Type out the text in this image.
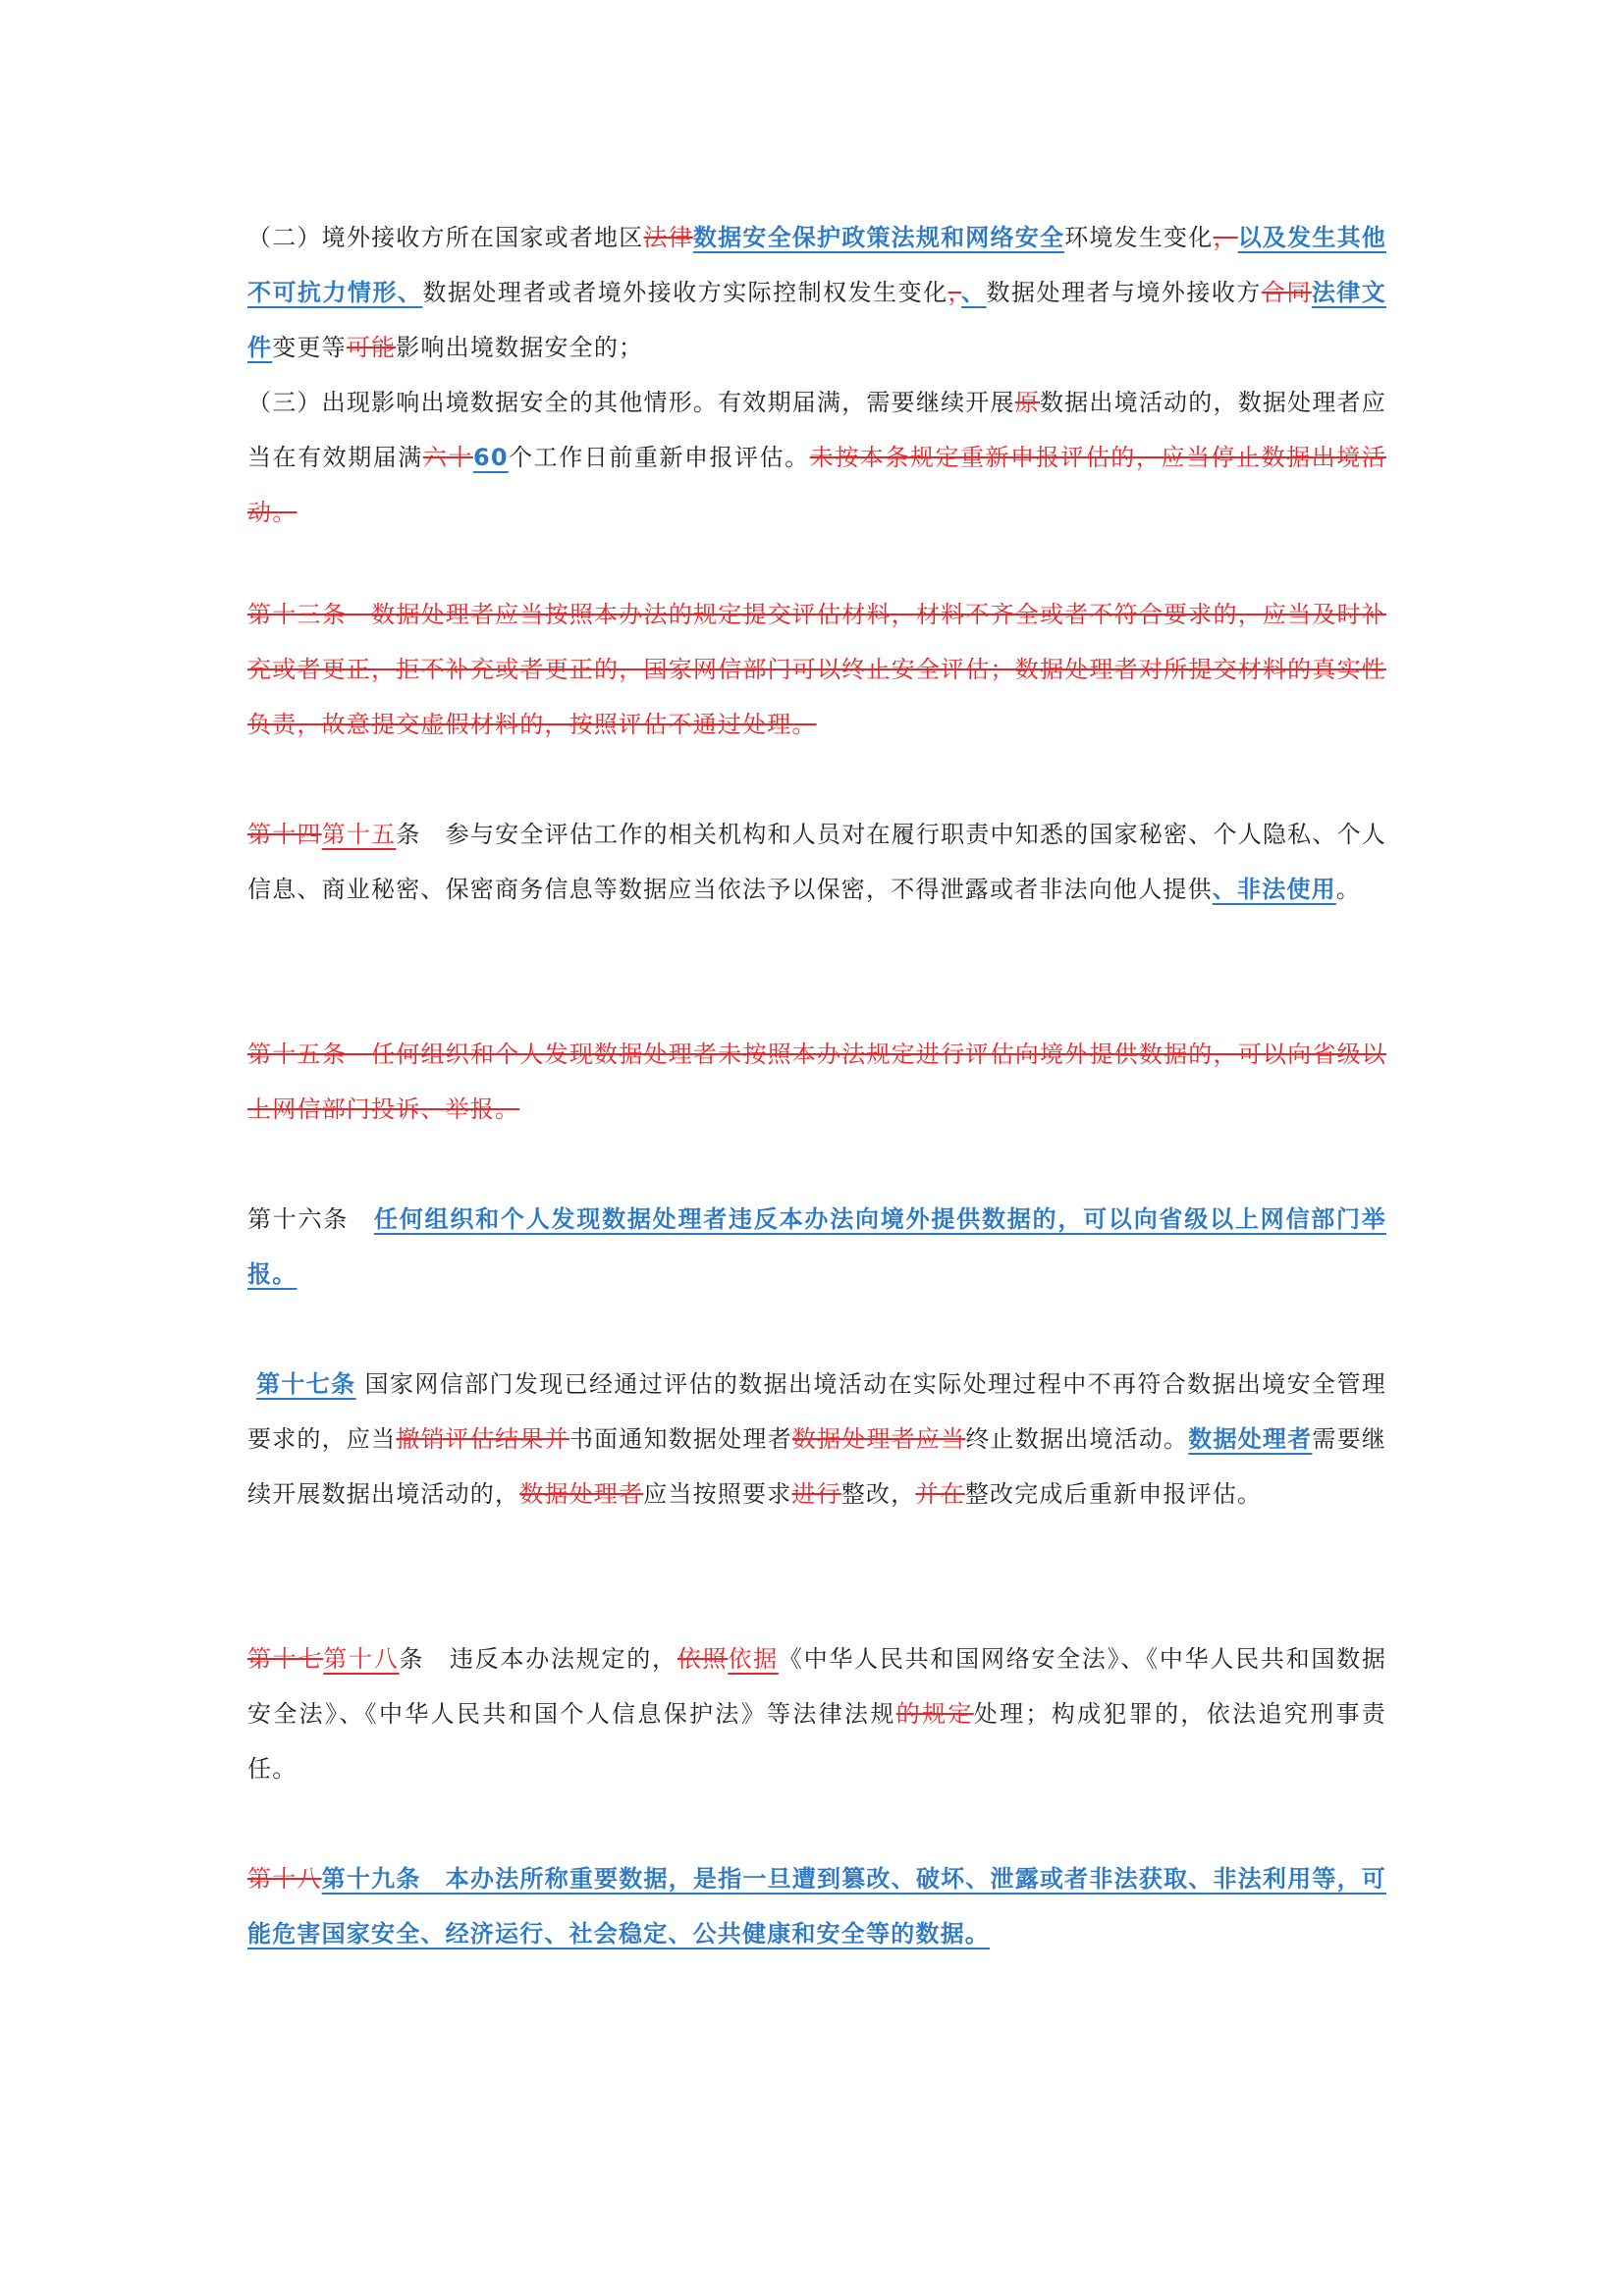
（二）境外接收方所在国家或者地区法律数据安全保护政策法规和网络安全环境发生变化，以及发生其他不可抗力情形、数据处理者或者境外接收方实际控制权发生变化，、数据处理者与境外接收方合同法律文件变更等可能影响出境数据安全的；
（三）出现影响出境数据安全的其他情形。有效期届满，需要继续开展原数据出境活动的，数据处理者应当在有效期届满六十60个工作日前重新申报评估。未按本条规定重新申报评估的，应当停止数据出境活动。
第十三条　数据处理者应当按照本办法的规定提交评估材料，材料不齐全或者不符合要求的，应当及时补充或者更正，拒不补充或者更正的，国家网信部门可以终止安全评估；数据处理者对所提交材料的真实性负责，故意提交虚假材料的，按照评估不通过处理。
第十四第十五条　参与安全评估工作的相关机构和人员对在履行职责中知悉的国家秘密、个人隐私、个人信息、商业秘密、保密商务信息等数据应当依法予以保密，不得泄露或者非法向他人提供、非法使用。
第十五条　任何组织和个人发现数据处理者未按照本办法规定进行评估向境外提供数据的，可以向省级以上网信部门投诉、举报。
第十六条　任何组织和个人发现数据处理者违反本办法向境外提供数据的，可以向省级以上网信部门举报。
第十七条 国家网信部门发现已经通过评估的数据出境活动在实际处理过程中不再符合数据出境安全管理要求的，应当撤销评估结果并书面通知数据处理者数据处理者应当终止数据出境活动。数据处理者需要继续开展数据出境活动的，数据处理者应当按照要求进行整改，并在整改完成后重新申报评估。
第十七第十八条　违反本办法规定的，依照依据《中华人民共和国网络安全法》、《中华人民共和国数据安全法》、《中华人民共和国个人信息保护法》等法律法规的规定处理；构成犯罪的，依法追究刑事责任。
第十八第十九条　本办法所称重要数据，是指一旦遭到篡改、破坏、泄露或者非法获取、非法利用等，可能危害国家安全、经济运行、社会稳定、公共健康和安全等的数据。
